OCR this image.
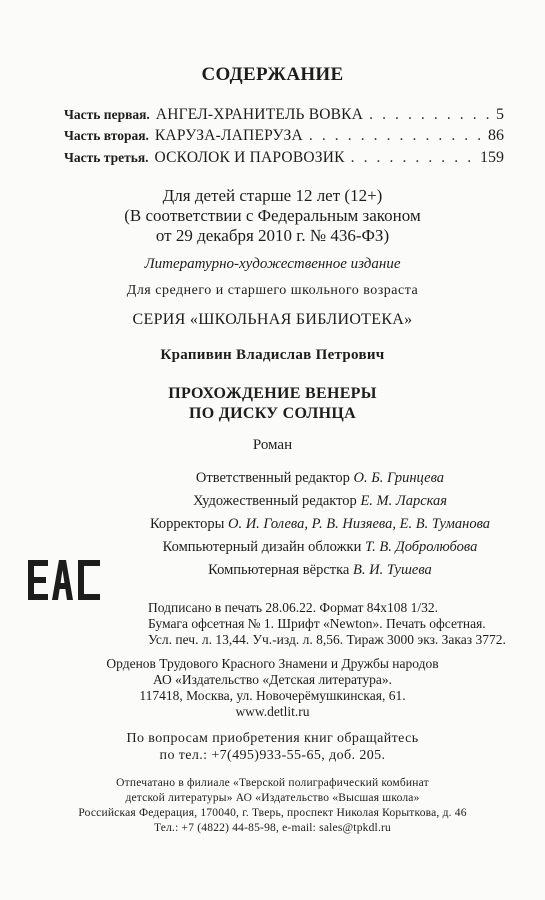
СОДЕРЖАНИЕ
Часть первая. АНГЕЛ-ХРАНИТЕЛЬ ВОВКА . . .	5
Часть вторая. КАРУЗА-ЛАПЕРУЗА . . .	86
Часть третья. ОСКОЛОК И ПАРОВОЗИК . . .	159
Для детей старше 12 лет (12+)
(В соответствии с Федеральным законом
от 29 декабря 2010 г. № 436-ФЗ)
Литературно-художественное издание
Для среднего и старшего школьного возраста
СЕРИЯ «ШКОЛЬНАЯ БИБЛИОТЕКА»
Крапивин Владислав Петрович
ПРОХОЖДЕНИЕ ВЕНЕРЫ
ПО ДИСКУ СОЛНЦА
Роман
Ответственный редактор О. Б. Гринцева
Художественный редактор Е. М. Ларская
Корректоры О. И. Голева, Р. В. Низяева, Е. В. Туманова
Компьютерный дизайн обложки Т. В. Добролюбова
Компьютерная вёрстка В. И. Тушева
Подписано в печать 28.06.22. Формат 84x108 1/32.
Бумага офсетная № 1. Шрифт «Newton». Печать офсетная.
Усл. печ. л. 13,44. Уч.-изд. л. 8,56. Тираж 3000 экз. Заказ 3772.
Орденов Трудового Красного Знамени и Дружбы народов
АО «Издательство «Детская литература».
117418, Москва, ул. Новочерёмушкинская, 61.
www.detlit.ru
По вопросам приобретения книг обращайтесь
по тел.: +7(495)933-55-65, доб. 205.
Отпечатано в филиале «Тверской полиграфический комбинат
детской литературы» АО «Издательство «Высшая школа»
Российская Федерация, 170040, г. Тверь, проспект Николая Корыткова, д. 46
Тел.: +7 (4822) 44-85-98, e-mail: sales@tpkdl.ru
